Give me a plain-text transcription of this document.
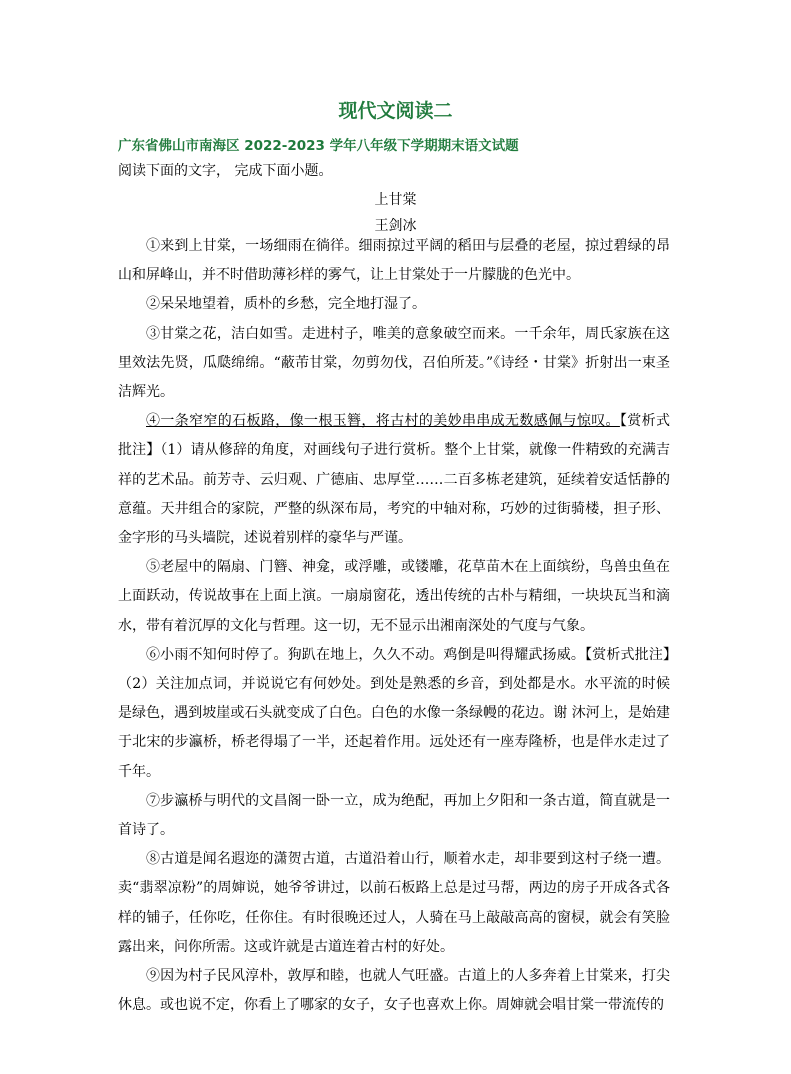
现代文阅读二
广东省佛山市南海区 2022-2023 学年八年级下学期期末语文试题
阅读下面的文字， 完成下面小题。
上甘棠
王剑冰

①来到上甘棠，一场细雨在徜徉。细雨掠过平阔的稻田与层叠的老屋，掠过碧绿的昂山和屏峰山，并不时借助薄衫样的雾气，让上甘棠处于一片朦胧的色光中。

②呆呆地望着，质朴的乡愁，完全地打湿了。

③甘棠之花，洁白如雪。走进村子，唯美的意象破空而来。一千余年，周氏家族在这里效法先贤，瓜瓞绵绵。“蔽芾甘棠，勿剪勿伐，召伯所茇。”《诗经・甘棠》折射出一束圣洁辉光。

④一条窄窄的石板路，像一根玉簪，将古村的美妙串串成无数感佩与惊叹。【赏析式批注】（1）请从修辞的角度，对画线句子进行赏析。整个上甘棠，就像一件精致的充满吉祥的艺术品。前芳寺、云归观、广德庙、忠厚堂……二百多栋老建筑，延续着安适恬静的意蕴。天井组合的家院，严整的纵深布局，考究的中轴对称，巧妙的过街骑楼，担子形、金字形的马头墙院，述说着别样的豪华与严谨。

⑤老屋中的隔扇、门簪、神龛，或浮雕，或镂雕，花草苗木在上面缤纷，鸟兽虫鱼在上面跃动，传说故事在上面上演。一扇扇窗花，透出传统的古朴与精细，一块块瓦当和滴水，带有着沉厚的文化与哲理。这一切，无不显示出湘南深处的气度与气象。

⑥小雨不知何时停了。狗趴在地上，久久不动。鸡倒是叫得耀武扬威。【赏析式批注】（2）关注加点词，并说说它有何妙处。到处是熟悉的乡音，到处都是水。水平流的时候是绿色，遇到坡崖或石头就变成了白色。白色的水像一条绿幔的花边。谢 沐河上，是始建于北宋的步瀛桥，桥老得塌了一半，还起着作用。远处还有一座寿隆桥，也是伴水走过了千年。

⑦步瀛桥与明代的文昌阁一卧一立，成为绝配，再加上夕阳和一条古道，简直就是一首诗了。

⑧古道是闻名遐迩的潇贺古道，古道沿着山行，顺着水走，却非要到这村子绕一遭。卖“翡翠凉粉”的周婶说，她爷爷讲过，以前石板路上总是过马帮，两边的房子开成各式各样的铺子，任你吃，任你住。有时很晚还过人，人骑在马上敲敲高高的窗棂，就会有笑脸露出来，问你所需。这或许就是古道连着古村的好处。

⑨因为村子民风淳朴，敦厚和睦，也就人气旺盛。古道上的人多奔着上甘棠来，打尖休息。或也说不定，你看上了哪家的女子，女子也喜欢上你。周婶就会唱甘棠一带流传的
